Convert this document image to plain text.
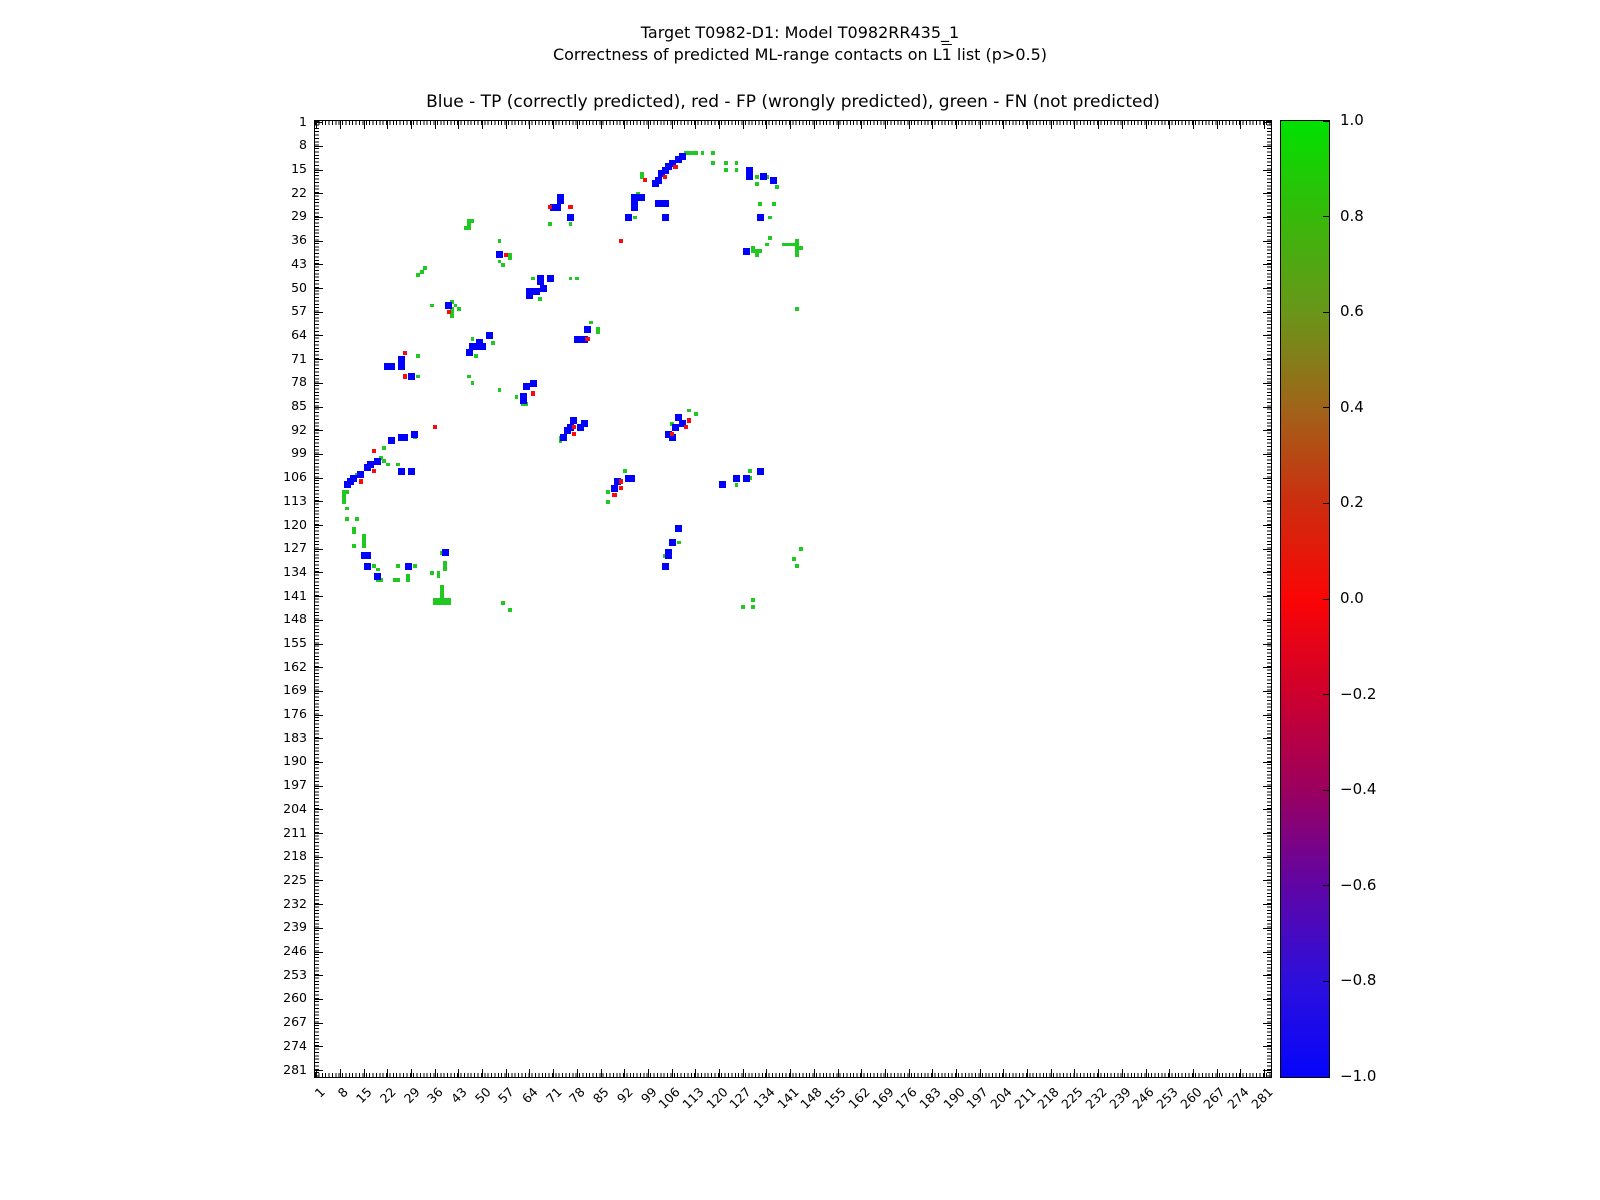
Target T0982-D1: Model T0982RR435_1
Correctness of predicted ML-range contacts on L1 list (p>0.5)
Blue - TP (correctly predicted), red - FP (wrongly predicted), green - FN (not predicted)
1
8
15
22
29
36
43
50
57
64
71
78
85
92
99
106
113
120
127
134
141
148
155
162
169
176
183
190
197
204
211
218
225
232
239
246
253
260
267
274
281
1 8 15 22 29 36 43 50 57 64 71 78 85 92 99
106
113
120
127
134
141
148
155
162
169
176
183
190
197
204
211
218
225
232
239
246
253
260
267
274
281
1.0
0.8
0.6
0.4
0.2
0.0
−0.2
−0.4
−0.6
−0.8
−1.0
